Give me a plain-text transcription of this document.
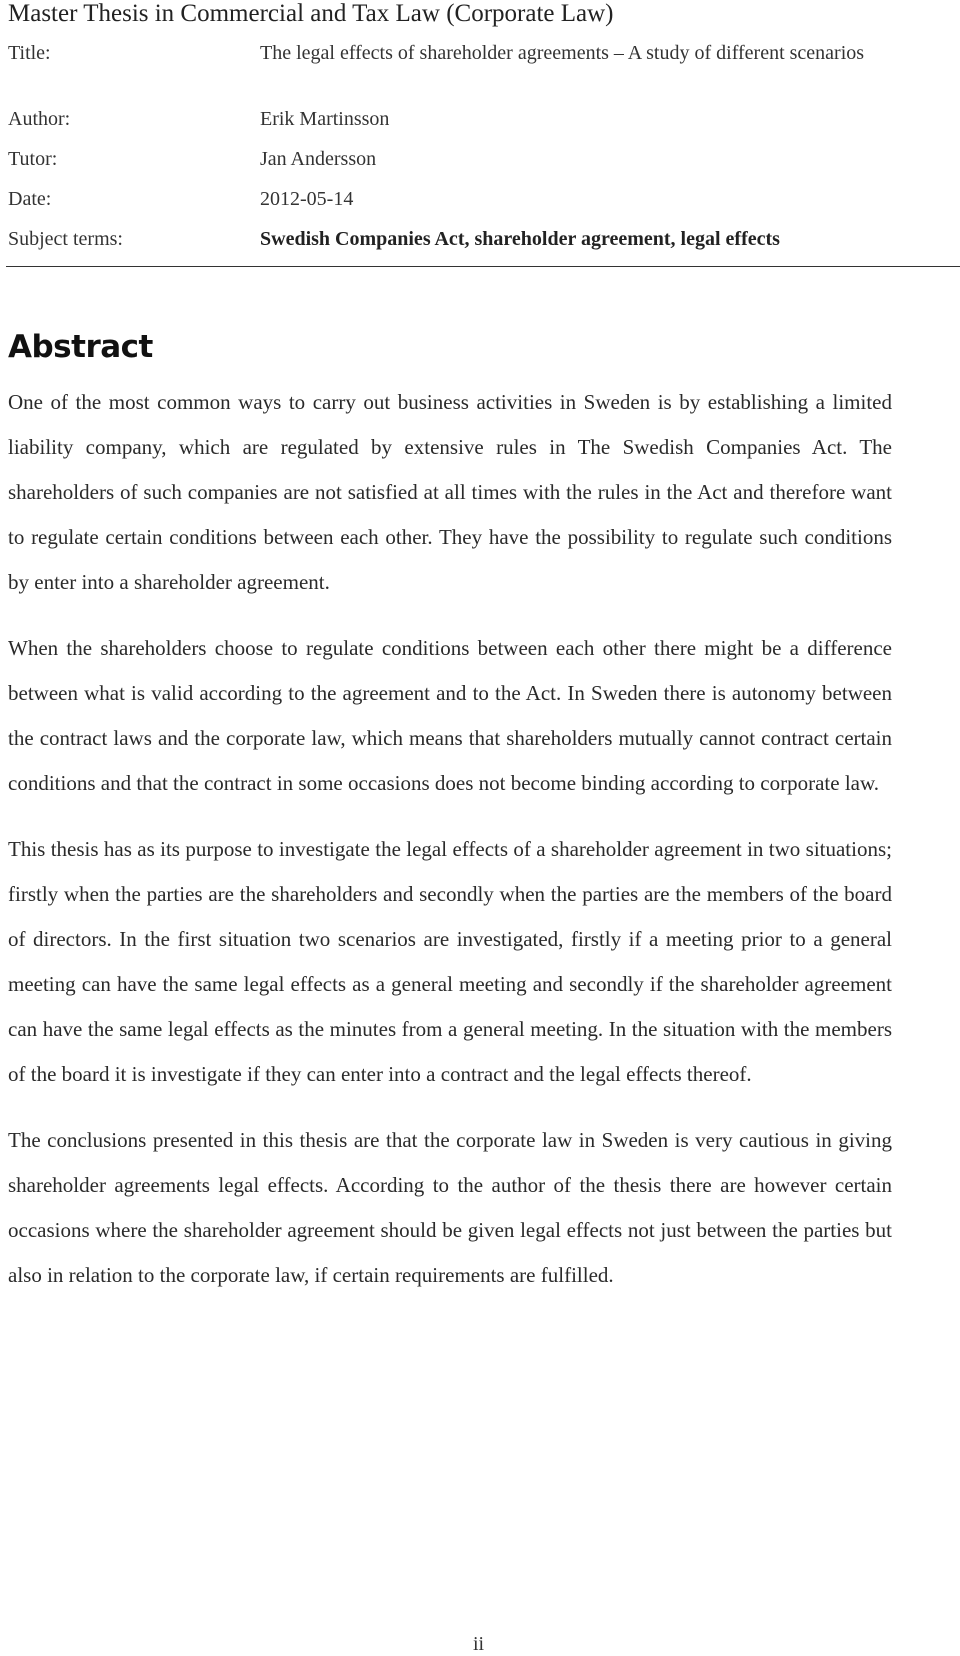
Master Thesis in Commercial and Tax Law (Corporate Law)
Title:	The legal effects of shareholder agreements – A study of different scenarios
Author:	Erik Martinsson
Tutor:	Jan Andersson
Date:	2012-05-14
Subject terms:	Swedish Companies Act, shareholder agreement, legal effects
Abstract

One of the most common ways to carry out business activities in Sweden is by establishing a limited liability company, which are regulated by extensive rules in The Swedish Companies Act. The shareholders of such companies are not satisfied at all times with the rules in the Act and therefore want to regulate certain conditions between each other. They have the possibility to regulate such conditions by enter into a shareholder agreement.

When the shareholders choose to regulate conditions between each other there might be a difference between what is valid according to the agreement and to the Act. In Sweden there is autonomy between the contract laws and the corporate law, which means that shareholders mutually cannot contract certain conditions and that the contract in some occasions does not become binding according to corporate law.

This thesis has as its purpose to investigate the legal effects of a shareholder agreement in two situations; firstly when the parties are the shareholders and secondly when the parties are the members of the board of directors. In the first situation two scenarios are investigated, firstly if a meeting prior to a general meeting can have the same legal effects as a general meeting and secondly if the shareholder agreement can have the same legal effects as the minutes from a general meeting. In the situation with the members of the board it is investigate if they can enter into a contract and the legal effects thereof.

The conclusions presented in this thesis are that the corporate law in Sweden is very cautious in giving shareholder agreements legal effects. According to the author of the thesis there are however certain occasions where the shareholder agreement should be given legal effects not just between the parties but also in relation to the corporate law, if certain requirements are fulfilled.

ii
